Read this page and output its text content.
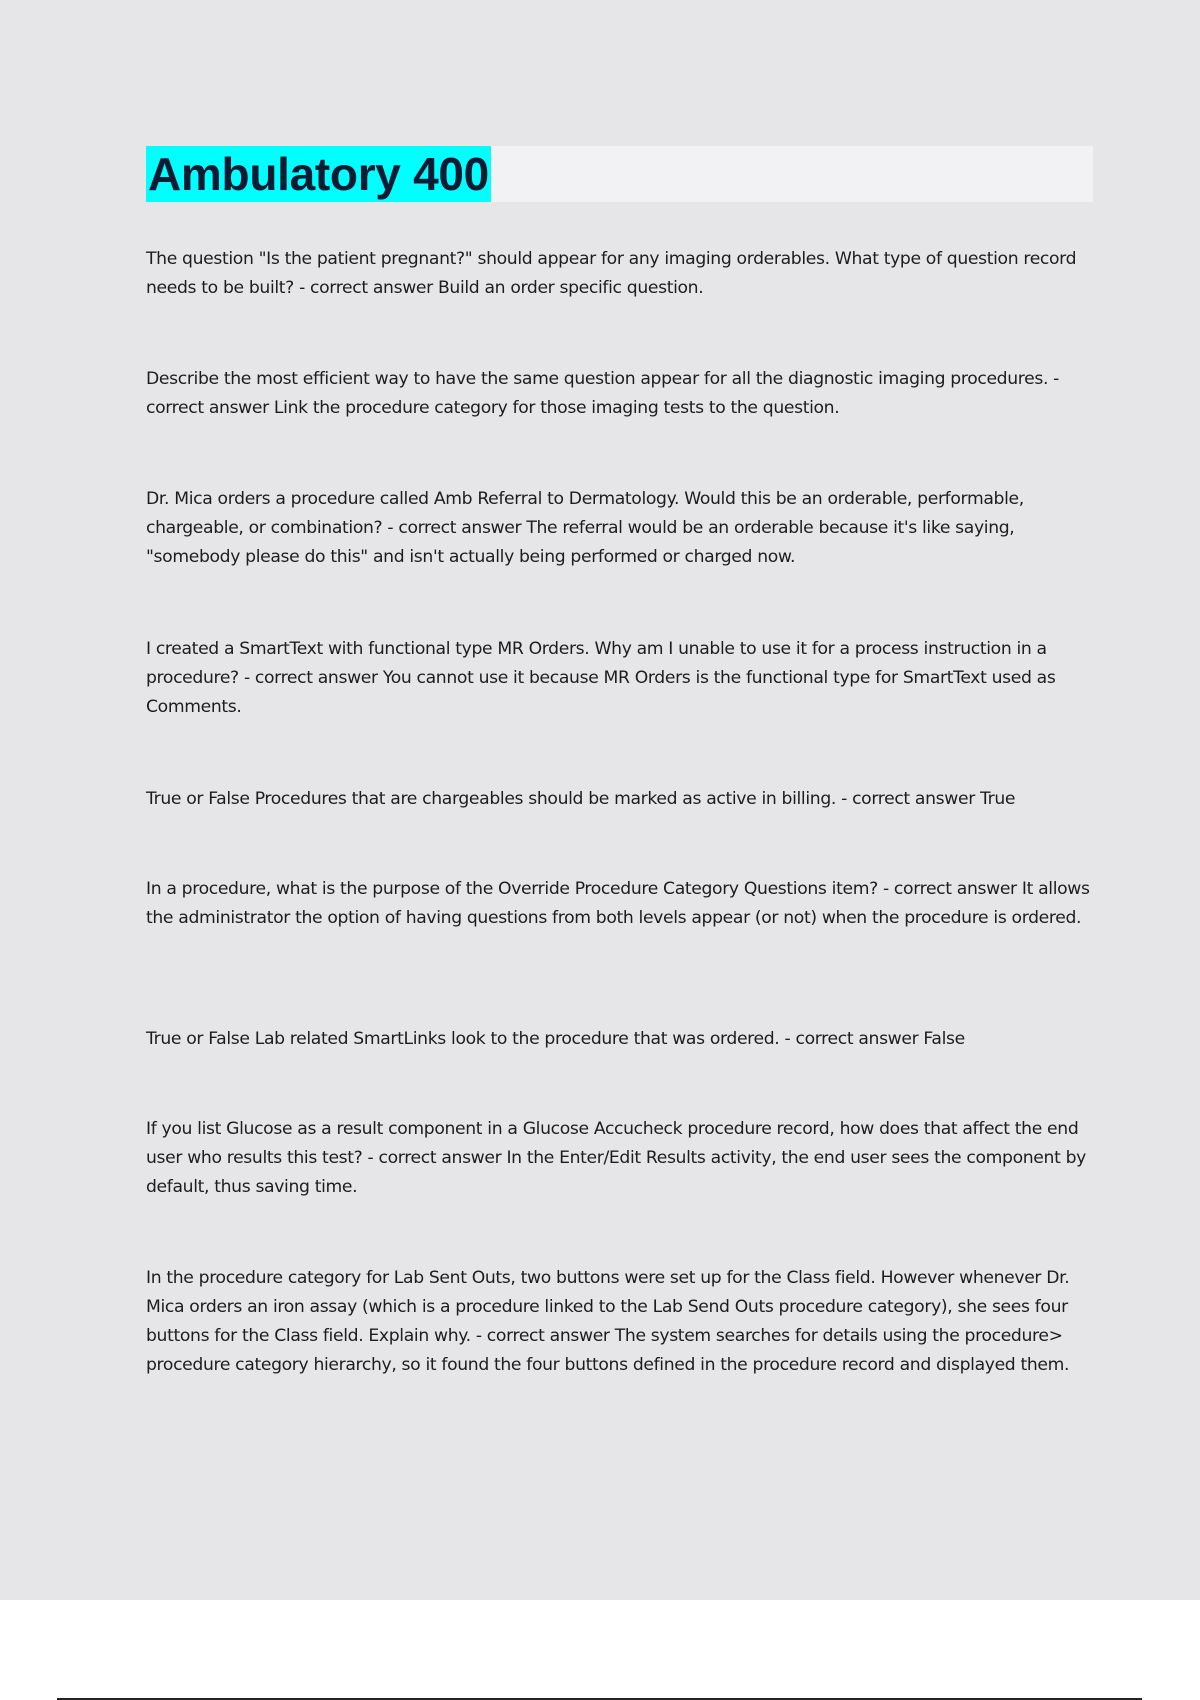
Ambulatory 400

The question "Is the patient pregnant?" should appear for any imaging orderables. What type of question record needs to be built? - correct answer Build an order specific question.

Describe the most efficient way to have the same question appear for all the diagnostic imaging procedures. - correct answer Link the procedure category for those imaging tests to the question.

Dr. Mica orders a procedure called Amb Referral to Dermatology. Would this be an orderable, performable, chargeable, or combination? - correct answer The referral would be an orderable because it's like saying, "somebody please do this" and isn't actually being performed or charged now.

I created a SmartText with functional type MR Orders. Why am I unable to use it for a process instruction in a procedure? - correct answer You cannot use it because MR Orders is the functional type for SmartText used as Comments.

True or False Procedures that are chargeables should be marked as active in billing. - correct answer True

In a procedure, what is the purpose of the Override Procedure Category Questions item? - correct answer It allows the administrator the option of having questions from both levels appear (or not) when the procedure is ordered.

True or False Lab related SmartLinks look to the procedure that was ordered. - correct answer False

If you list Glucose as a result component in a Glucose Accucheck procedure record, how does that affect the end user who results this test? - correct answer In the Enter/Edit Results activity, the end user sees the component by default, thus saving time.

In the procedure category for Lab Sent Outs, two buttons were set up for the Class field. However whenever Dr. Mica orders an iron assay (which is a procedure linked to the Lab Send Outs procedure category), she sees four buttons for the Class field. Explain why. - correct answer The system searches for details using the procedure> procedure category hierarchy, so it found the four buttons defined in the procedure record and displayed them.
